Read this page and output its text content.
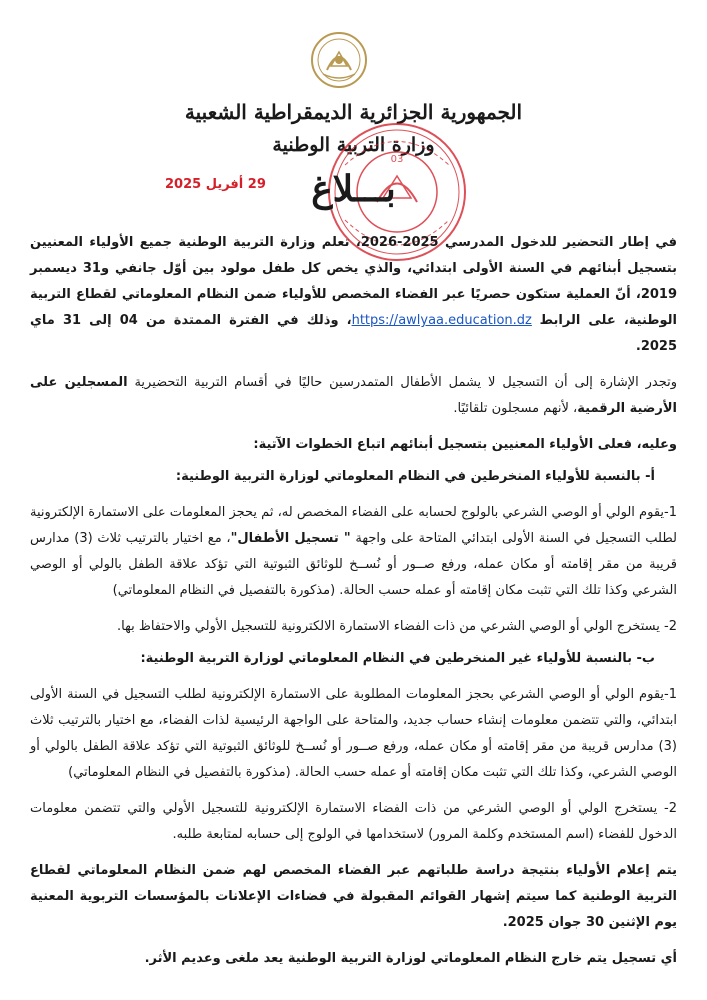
الجمهورية الجزائرية الديمقراطية الشعبية
وزارة التربية الوطنية
03
29 أفريل 2025	بـــلاغ

في إطار التحضير للدخول المدرسي 2025-2026، تعلم وزارة التربية الوطنية جميع الأولياء المعنيين بتسجيل أبنائهم في السنة الأولى ابتدائي، والذي يخص كل طفل مولود بين أوّل جانفي و31 ديسمبر 2019، أنّ العملية ستكون حصريًا عبر الفضاء المخصص للأولياء ضمن النظام المعلوماتي لقطاع التربية الوطنية، على الرابط https://awlyaa.education.dz، وذلك في الفترة الممتدة من 04 إلى 31 ماي 2025.

وتجدر الإشارة إلى أن التسجيل لا يشمل الأطفال المتمدرسين حاليًا في أقسام التربية التحضيرية المسجلين على الأرضية الرقمية، لأنهم مسجلون تلقائيًا.

وعليه، فعلى الأولياء المعنيين بتسجيل أبنائهم اتباع الخطوات الآتية:

أ- بالنسبة للأولياء المنخرطين في النظام المعلوماتي لوزارة التربية الوطنية:

1-يقوم الولي أو الوصي الشرعي بالولوج لحسابه على الفضاء المخصص له، ثم يحجز المعلومات على الاستمارة الإلكترونية لطلب التسجيل في السنة الأولى ابتدائي المتاحة على واجهة " تسجيل الأطفال"، مع اختيار بالترتيب ثلاث (3) مدارس قريبة من مقر إقامته أو مكان عمله، ورفع صــور أو نُســخ للوثائق الثبوتية التي تؤكد علاقة الطفل بالولي أو الوصي الشرعي وكذا تلك التي تثبت مكان إقامته أو عمله حسب الحالة. (مذكورة بالتفصيل في النظام المعلوماتي)

2- يستخرج الولي أو الوصي الشرعي من ذات الفضاء الاستمارة الالكترونية للتسجيل الأولي والاحتفاظ بها.

ب- بالنسبة للأولياء غير المنخرطين في النظام المعلوماتي لوزارة التربية الوطنية:

1-يقوم الولي أو الوصي الشرعي بحجز المعلومات المطلوبة على الاستمارة الإلكترونية لطلب التسجيل في السنة الأولى ابتدائي، والتي تتضمن معلومات إنشاء حساب جديد، والمتاحة على الواجهة الرئيسية لذات الفضاء، مع اختيار بالترتيب ثلاث (3) مدارس قريبة من مقر إقامته أو مكان عمله، ورفع صــور أو نُســخ للوثائق الثبوتية التي تؤكد علاقة الطفل بالولي أو الوصي الشرعي، وكذا تلك التي تثبت مكان إقامته أو عمله حسب الحالة. (مذكورة بالتفصيل في النظام المعلوماتي)

2- يستخرج الولي أو الوصي الشرعي من ذات الفضاء الاستمارة الإلكترونية للتسجيل الأولي والتي تتضمن معلومات الدخول للفضاء (اسم المستخدم وكلمة المرور) لاستخدامها في الولوج إلى حسابه لمتابعة طلبه.

يتم إعلام الأولياء بنتيجة دراسة طلباتهم عبر الفضاء المخصص لهم ضمن النظام المعلوماتي لقطاع التربية الوطنية كما سيتم إشهار القوائم المقبولة في فضاءات الإعلانات بالمؤسسات التربوية المعنية يوم الإثنين 30 جوان 2025.

أي تسجيل يتم خارج النظام المعلوماتي لوزارة التربية الوطنية يعد ملغى وعديم الأثر.
